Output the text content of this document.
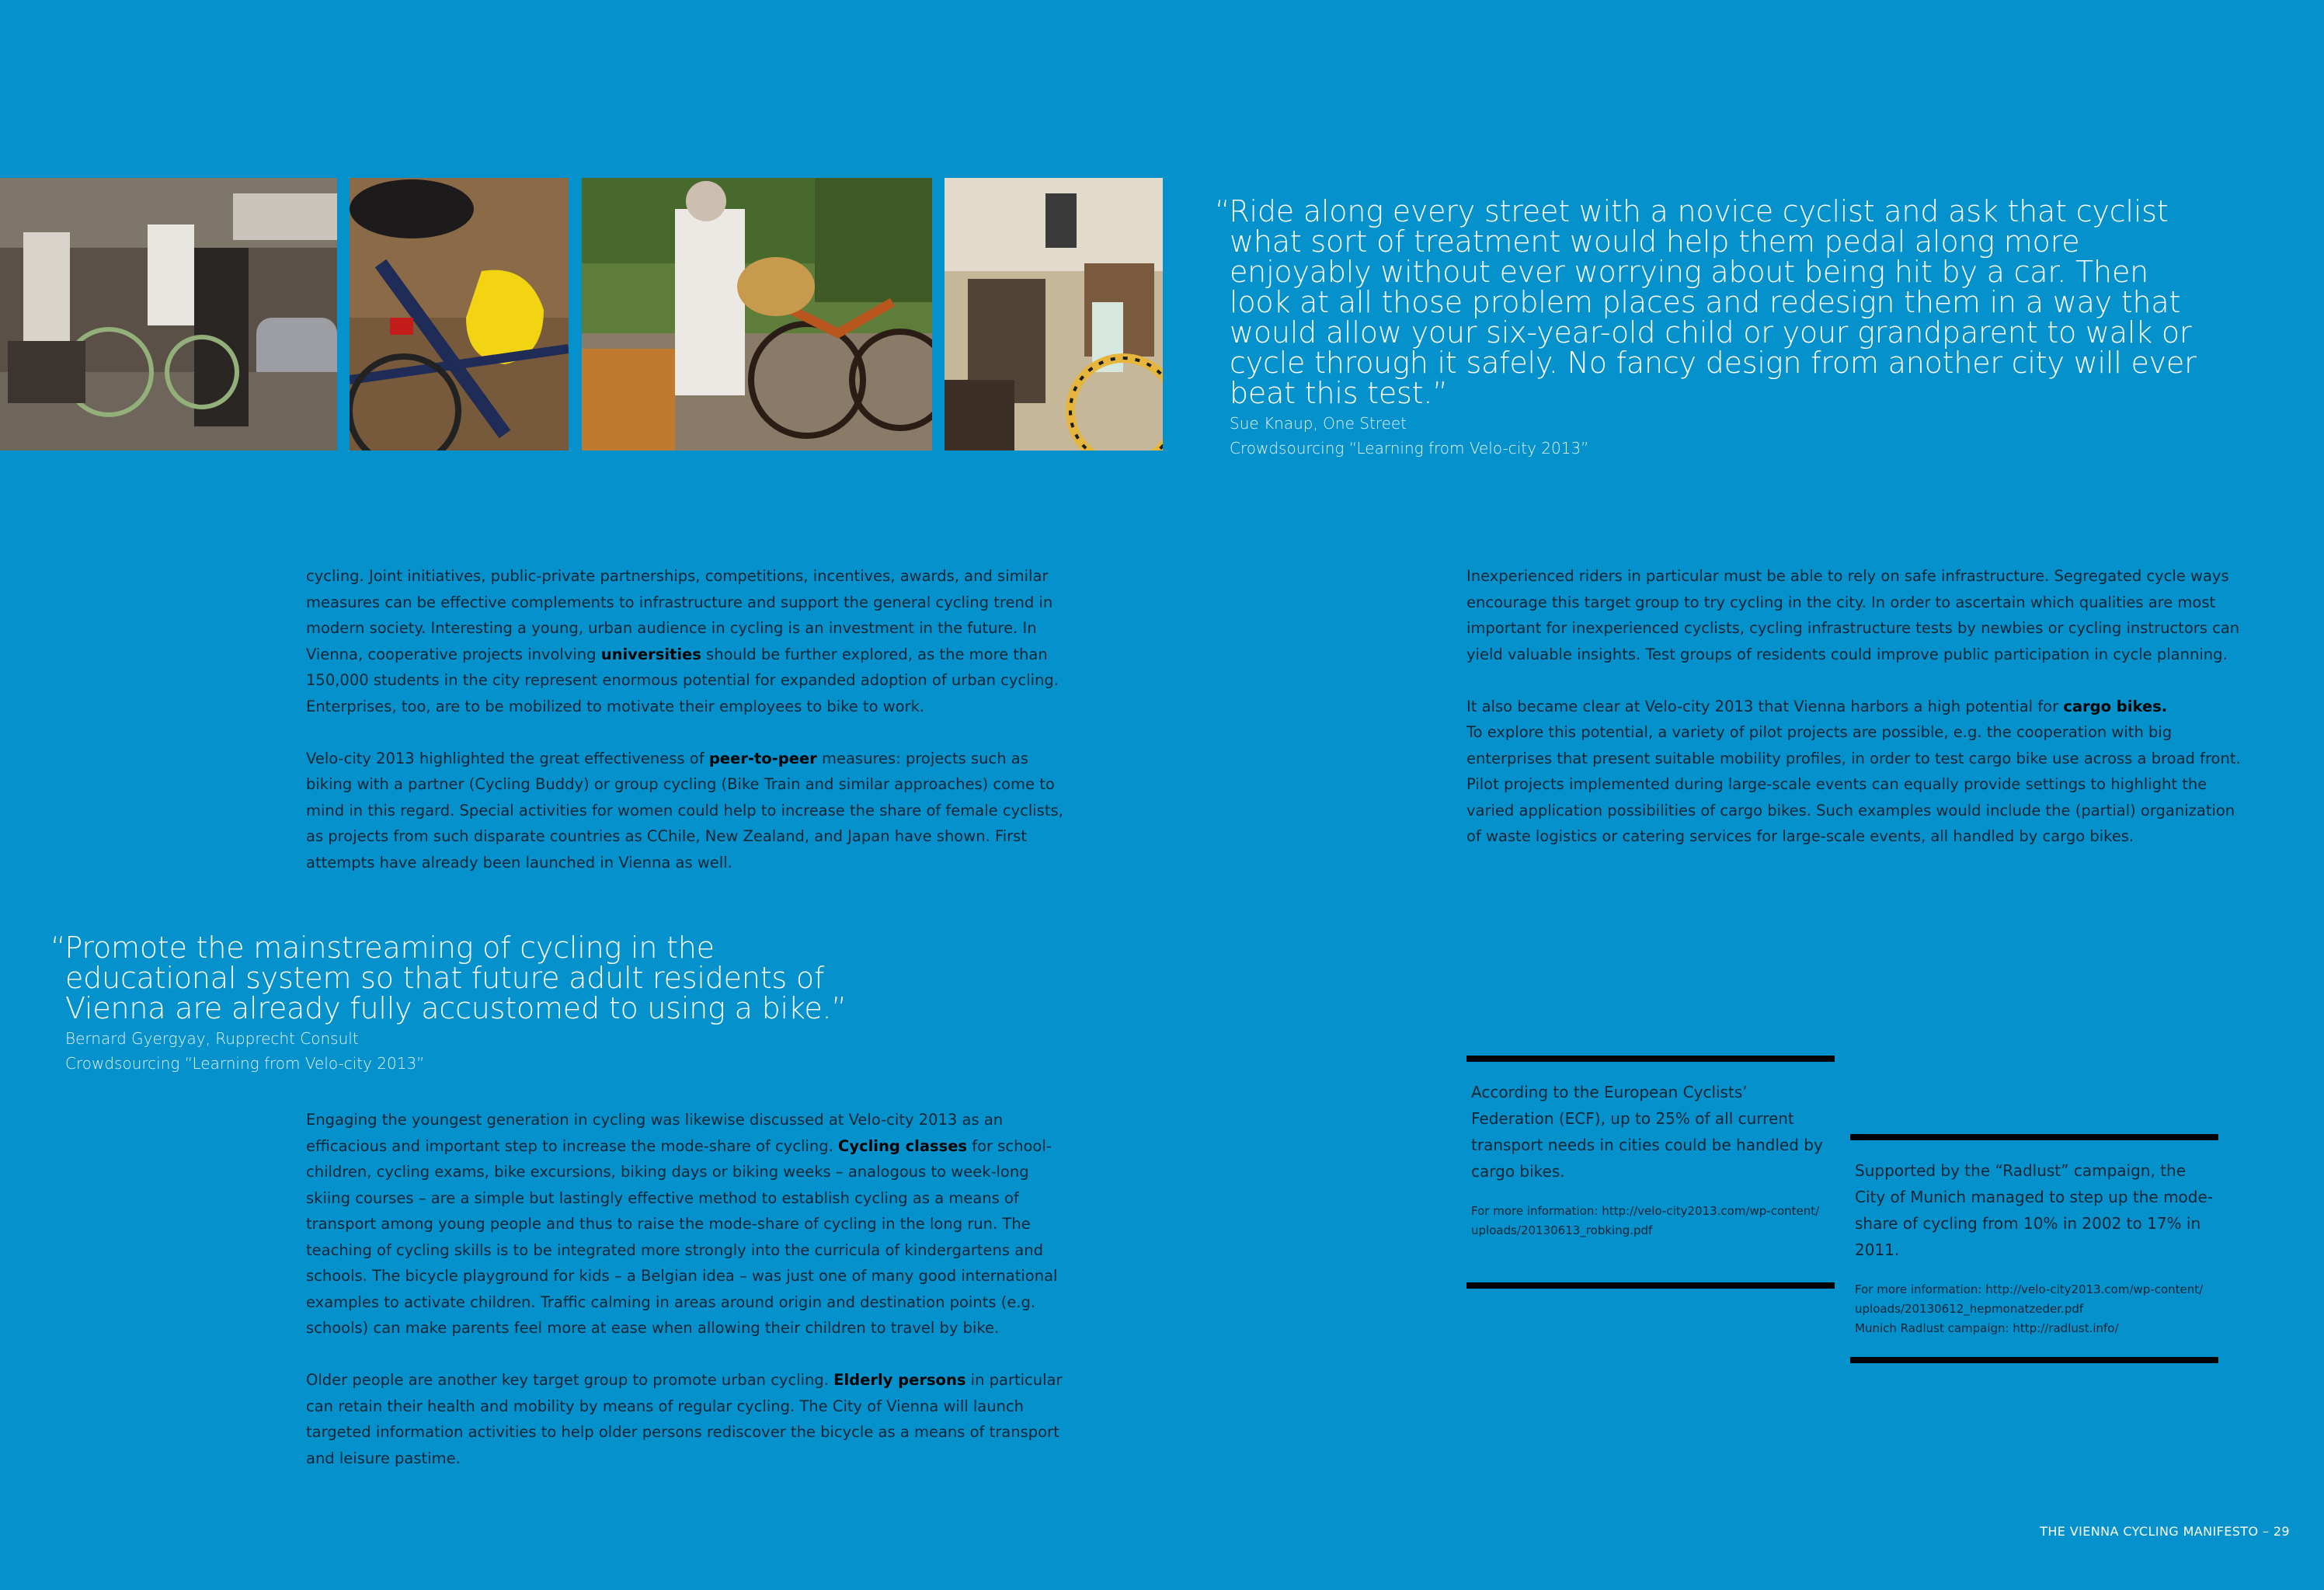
“Ride along every street with a novice cyclist and ask that cyclist what sort of treatment would help them pedal along more enjoyably without ever worrying about being hit by a car. Then look at all those problem places and redesign them in a way that would allow your six-year-old child or your grandparent to walk or cycle through it safely. No fancy design from another city will ever beat this test.”

Sue Knaup, One Street
Crowdsourcing “Learning from Velo-city 2013”

cycling. Joint initiatives, public-private partnerships, competitions, incentives, awards, and similar measures can be effective complements to infrastructure and support the general cycling trend in modern society. Interesting a young, urban audience in cycling is an investment in the future. In Vienna, cooperative projects involving universities should be further explored, as the more than 150,000 students in the city represent enormous potential for expanded adoption of urban cycling. Enterprises, too, are to be mobilized to motivate their employees to bike to work.

Velo-city 2013 highlighted the great effectiveness of peer-to-peer measures: projects such as biking with a partner (Cycling Buddy) or group cycling (Bike Train and similar approaches) come to mind in this regard. Special activities for women could help to increase the share of female cyclists, as projects from such disparate countries as CChile, New Zealand, and Japan have shown. First attempts have already been launched in Vienna as well.

“Promote the mainstreaming of cycling in the educational system so that future adult residents of Vienna are already fully accustomed to using a bike.”

Bernard Gyergyay, Rupprecht Consult
Crowdsourcing “Learning from Velo-city 2013”

Engaging the youngest generation in cycling was likewise discussed at Velo-city 2013 as an efficacious and important step to increase the mode-share of cycling. Cycling classes for school-children, cycling exams, bike excursions, biking days or biking weeks – analogous to week-long skiing courses – are a simple but lastingly effective method to establish cycling as a means of transport among young people and thus to raise the mode-share of cycling in the long run. The teaching of cycling skills is to be integrated more strongly into the curricula of kindergartens and schools. The bicycle playground for kids – a Belgian idea – was just one of many good international examples to activate children. Traffic calming in areas around origin and destination points (e.g. schools) can make parents feel more at ease when allowing their children to travel by bike.

Older people are another key target group to promote urban cycling. Elderly persons in particular can retain their health and mobility by means of regular cycling. The City of Vienna will launch targeted information activities to help older persons rediscover the bicycle as a means of transport and leisure pastime.

Inexperienced riders in particular must be able to rely on safe infrastructure. Segregated cycle ways encourage this target group to try cycling in the city. In order to ascertain which qualities are most important for inexperienced cyclists, cycling infrastructure tests by newbies or cycling instructors can yield valuable insights. Test groups of residents could improve public participation in cycle planning.

It also became clear at Velo-city 2013 that Vienna harbors a high potential for cargo bikes.
To explore this potential, a variety of pilot projects are possible, e.g. the cooperation with big enterprises that present suitable mobility profiles, in order to test cargo bike use across a broad front. Pilot projects implemented during large-scale events can equally provide settings to highlight the varied application possibilities of cargo bikes. Such examples would include the (partial) organization of waste logistics or catering services for large-scale events, all handled by cargo bikes.

According to the European Cyclists’ Federation (ECF), up to 25% of all current transport needs in cities could be handled by cargo bikes.
For more information: http://velo-city2013.com/wp-content/
uploads/20130613_robking.pdf
Supported by the “Radlust” campaign, the City of Munich managed to step up the mode-share of cycling from 10% in 2002 to 17% in 2011.
For more information: http://velo-city2013.com/wp-content/
uploads/20130612_hepmonatzeder.pdf
Munich Radlust campaign: http://radlust.info/
THE VIENNA CYCLING MANIFESTO – 29
